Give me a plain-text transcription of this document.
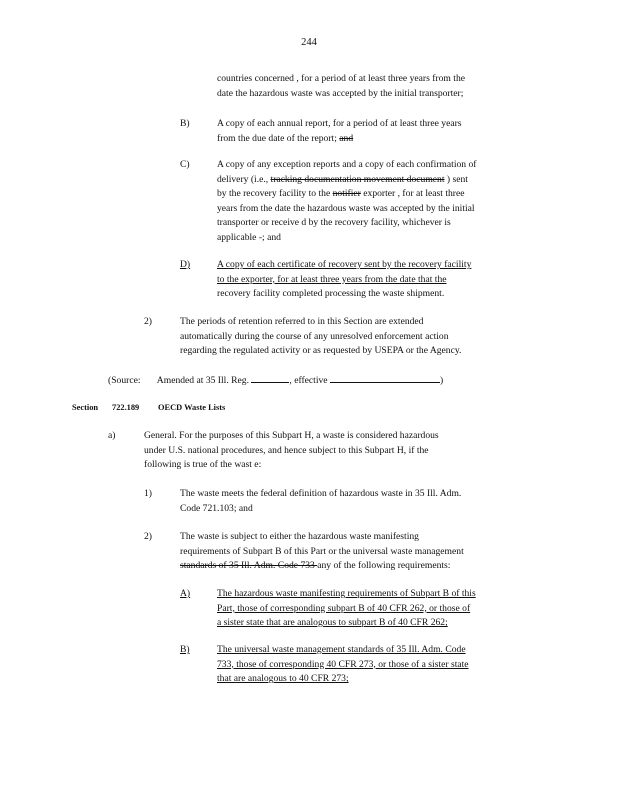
244
countries concerned , for a period of at least three years from the
date the hazardous waste was accepted by the initial transporter;
B)	A copy of each annual report, for a period of at least three years
from the due date of the report; and
C)	A copy of any exception reports and a copy of each confirmation of
delivery (i.e., tracking documentation movement document ) sent
by the recovery facility to the notifier exporter , for at least three
years from the date the hazardous waste was accepted by the initial
transporter or receive d by the recovery facility, whichever is
applicable -; and
D)	A copy of each certificate of recovery sent by the recovery facility
to the exporter, for at least three years from the date that the
recovery facility completed processing the waste shipment.
2)	The periods of retention referred to in this Section are extended
automatically during the course of any unresolved enforcement action
regarding the regulated activity or as requested by USEPA or the Agency.
(Source: Amended at 35 Ill. Reg.	, effective	)
Section 722.189 OECD Waste Lists
a)	General. For the purposes of this Subpart H, a waste is considered hazardous
under U.S. national procedures, and hence subject to this Subpart H, if the
following is true of the wast e:
1)	The waste meets the federal definition of hazardous waste in 35 Ill. Adm.
Code 721.103; and
2)	The waste is subject to either the hazardous waste manifesting
requirements of Subpart B of this Part or the universal waste management
standards of 35 Ill. Adm. Code 733 any of the following requirements:
A)	The hazardous waste manifesting requirements of Subpart B of this
Part, those of corresponding subpart B of 40 CFR 262, or those of
a sister state that are analogous to subpart B of 40 CFR 262;
B)	The universal waste management standards of 35 Ill. Adm. Code
733, those of corresponding 40 CFR 273, or those of a sister state
that are analogous to 40 CFR 273;
